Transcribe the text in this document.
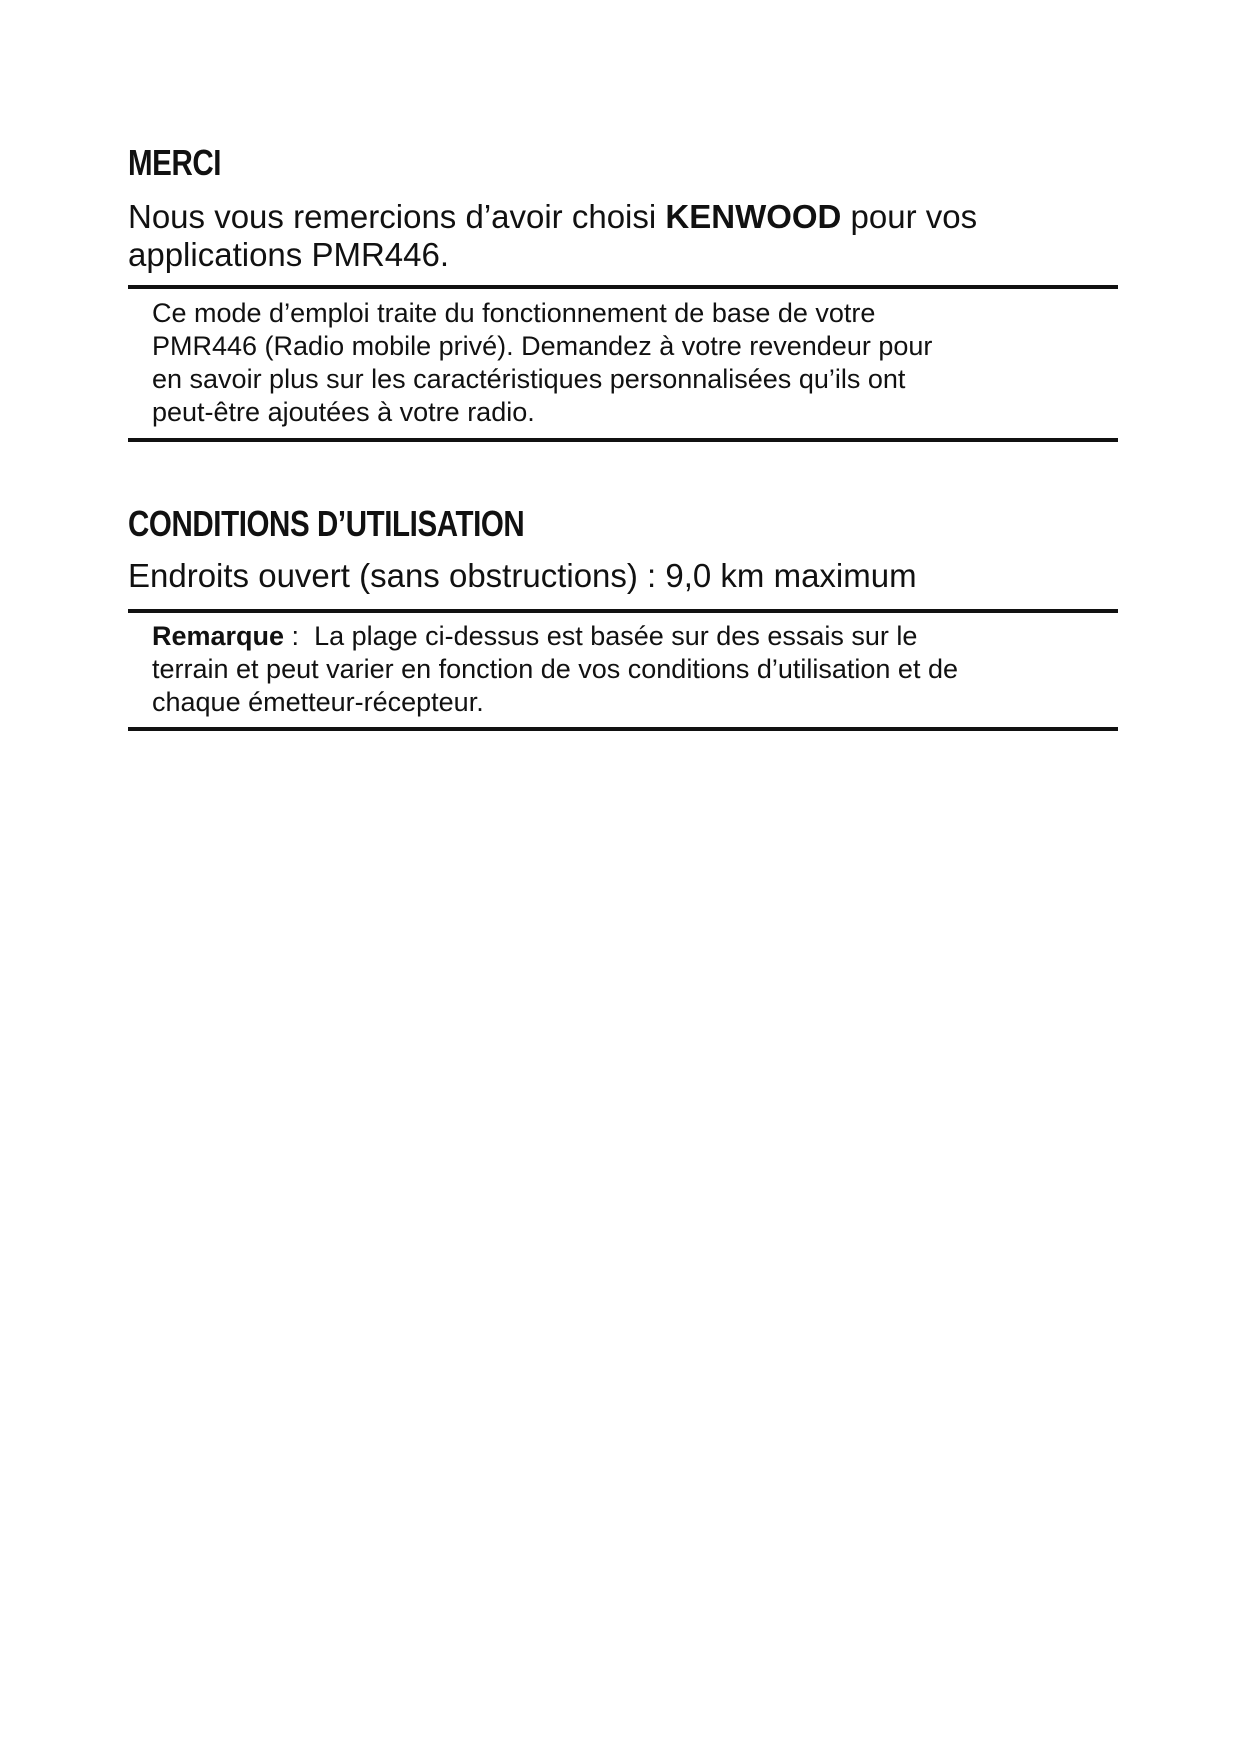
MERCI

Nous vous remercions d’avoir choisi KENWOOD pour vos

applications PMR446.

Ce mode d’emploi traite du fonctionnement de base de votre

PMR446 (Radio mobile privé). Demandez à votre revendeur pour

en savoir plus sur les caractéristiques personnalisées qu’ils ont

peut-être ajoutées à votre radio.

CONDITIONS D’UTILISATION

Endroits ouvert (sans obstructions) : 9,0 km maximum

Remarque :  La plage ci-dessus est basée sur des essais sur le

terrain et peut varier en fonction de vos conditions d’utilisation et de

chaque émetteur-récepteur.
